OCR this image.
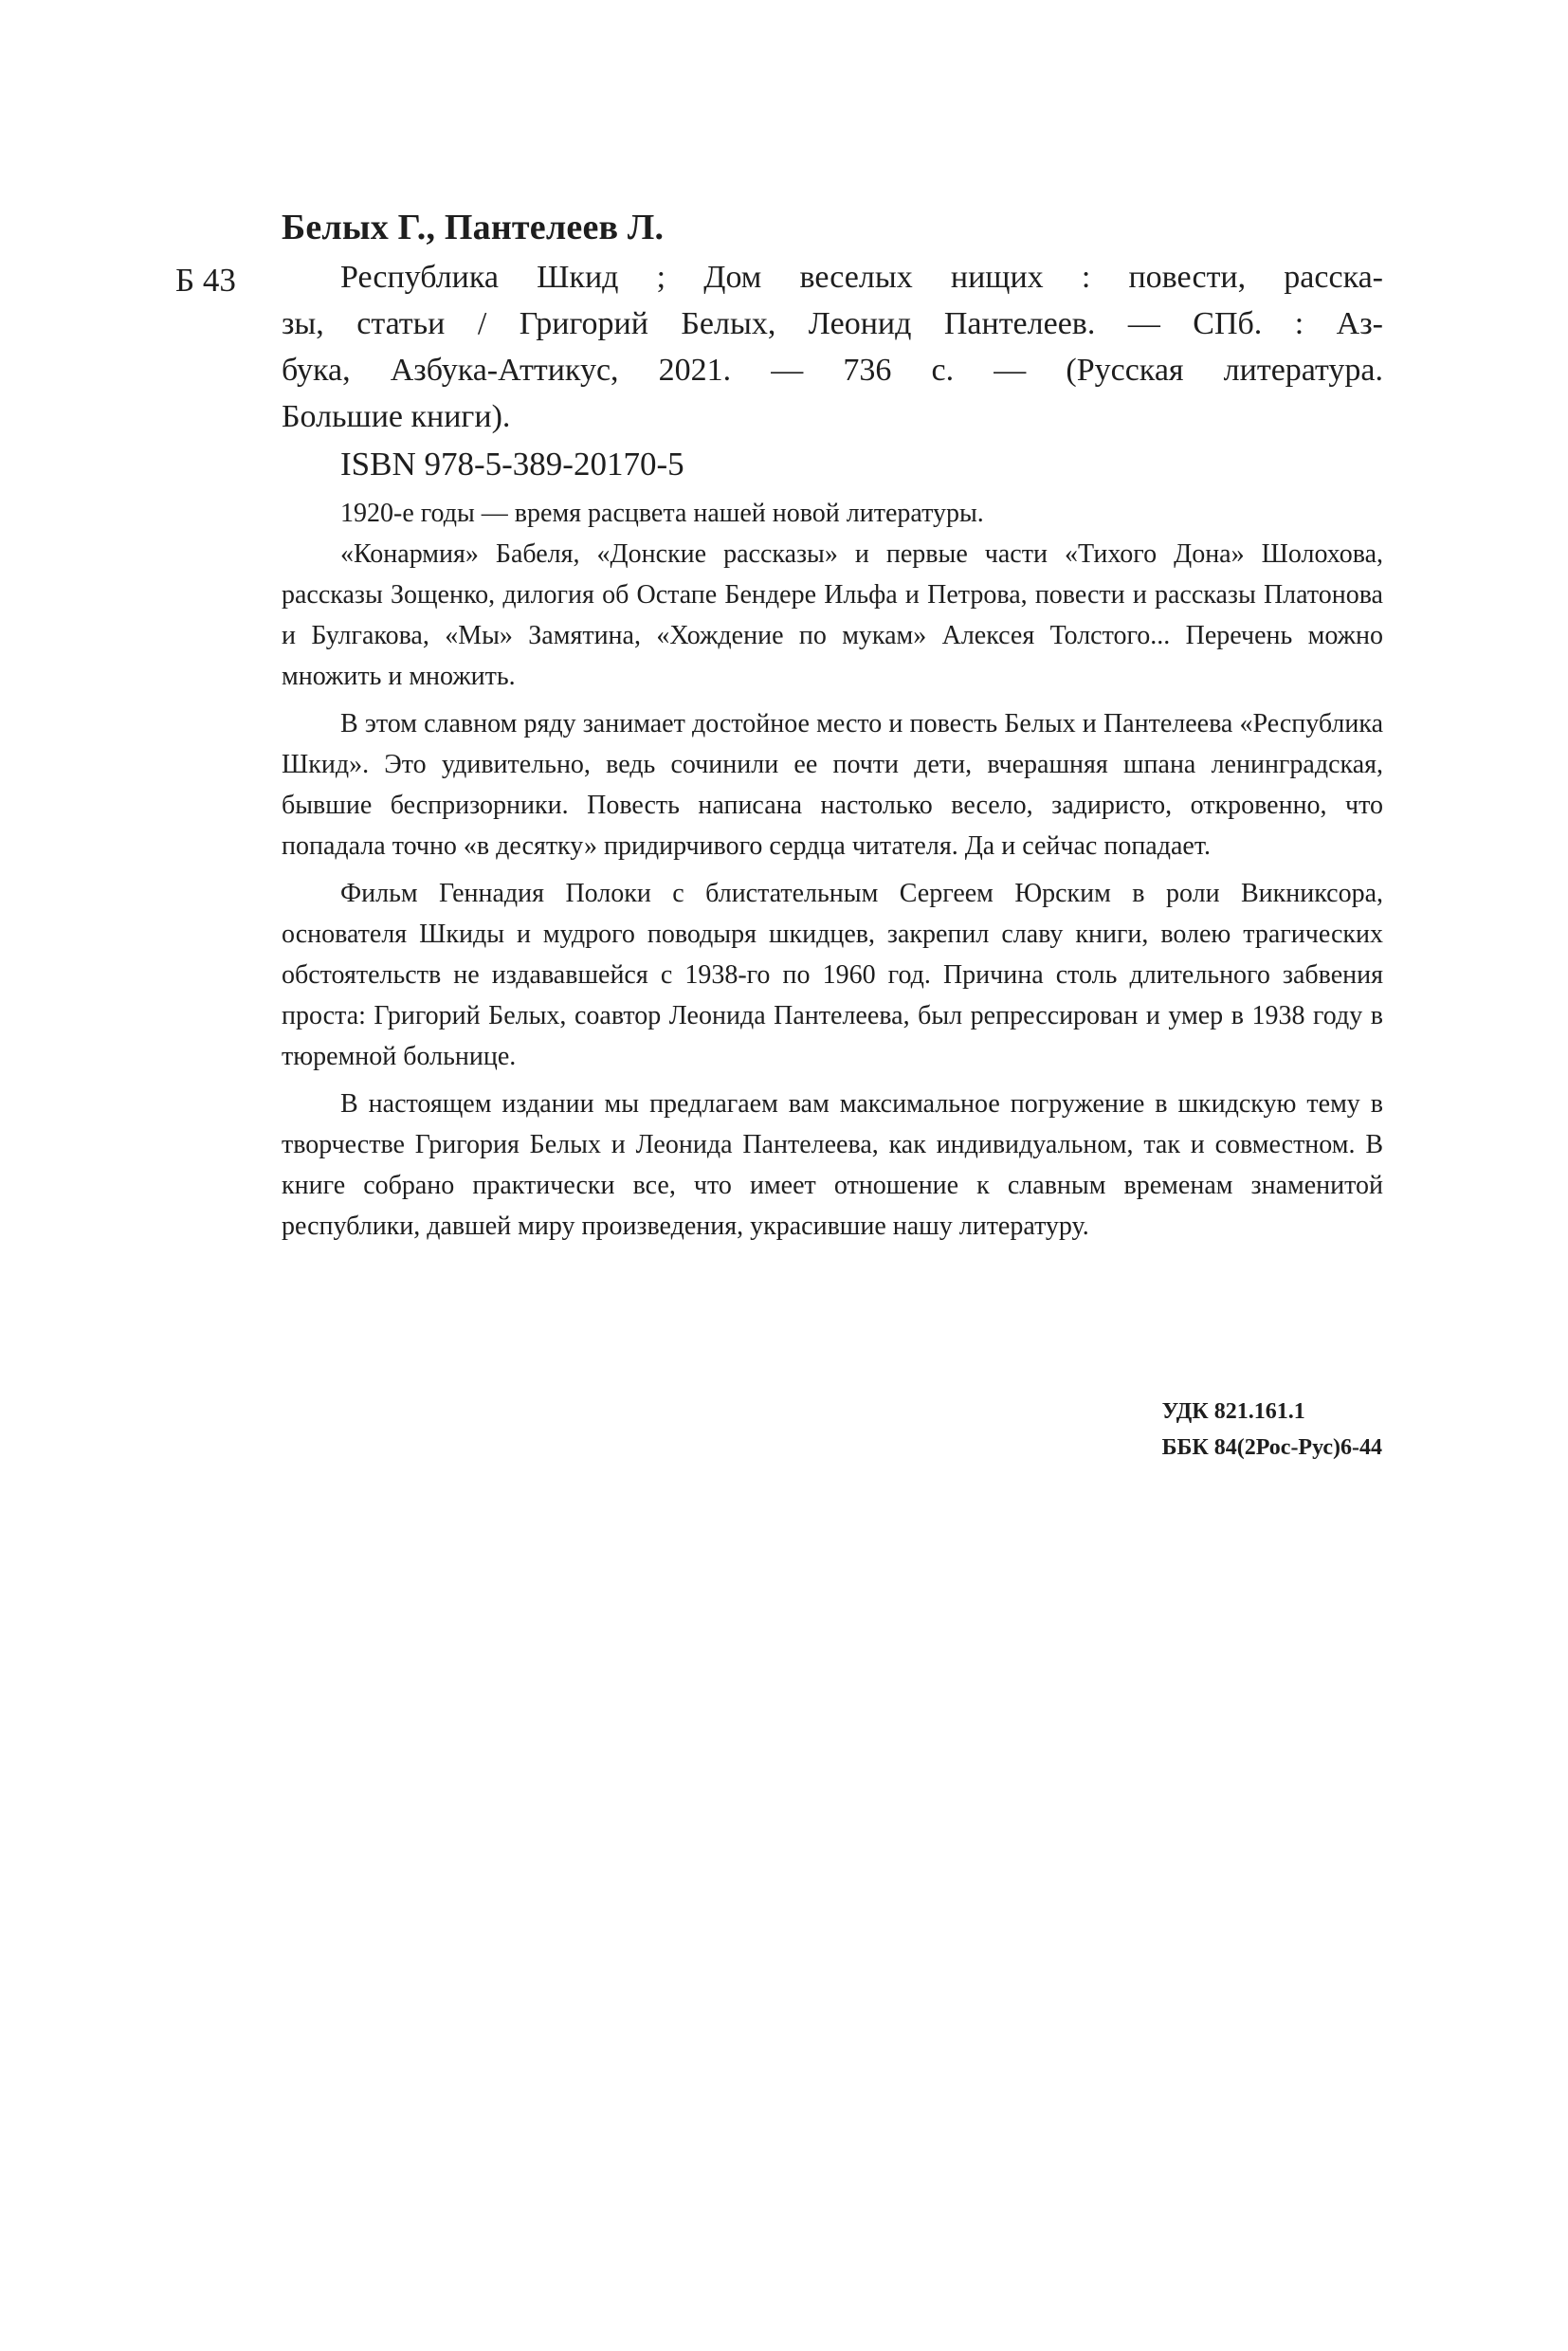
Белых Г., Пантелеев Л.
Б 43	Республика Шкид ; Дом веселых нищих : повести, расска-
зы, статьи / Григорий Белых, Леонид Пантелеев. — СПб. : Аз-
бука, Азбука-Аттикус, 2021. — 736 с. — (Русская литература.
Большие книги).
ISBN 978-5-389-20170-5

1920-е годы — время расцвета нашей новой литературы.

«Конармия» Бабеля, «Донские рассказы» и первые части «Тихого Дона» Шолохова, рассказы Зощенко, дилогия об Остапе Бендере Ильфа и Петрова, повести и рассказы Платонова и Булгакова, «Мы» Замятина, «Хождение по мукам» Алексея Толстого... Перечень можно множить и множить.

В этом славном ряду занимает достойное место и повесть Белых и Пантелеева «Республика Шкид». Это удивительно, ведь сочинили ее почти дети, вчерашняя шпана ленинградская, бывшие беспризорники. Повесть написана настолько весело, задиристо, откровенно, что попадала точно «в десятку» придирчивого сердца читателя. Да и сейчас попадает.

Фильм Геннадия Полоки с блистательным Сергеем Юрским в роли Викниксора, основателя Шкиды и мудрого поводыря шкидцев, закрепил славу книги, волею трагических обстоятельств не издававшейся с 1938-го по 1960 год. Причина столь длительного забвения проста: Григорий Белых, соавтор Леонида Пантелеева, был репрессирован и умер в 1938 году в тюремной больнице.

В настоящем издании мы предлагаем вам максимальное погружение в шкидскую тему в творчестве Григория Белых и Леонида Пантелеева, как индивидуальном, так и совместном. В книге собрано практически все, что имеет отношение к славным временам знаменитой республики, давшей миру произведения, украсившие нашу литературу.

УДК 821.161.1
ББК 84(2Рос-Рус)6-44
